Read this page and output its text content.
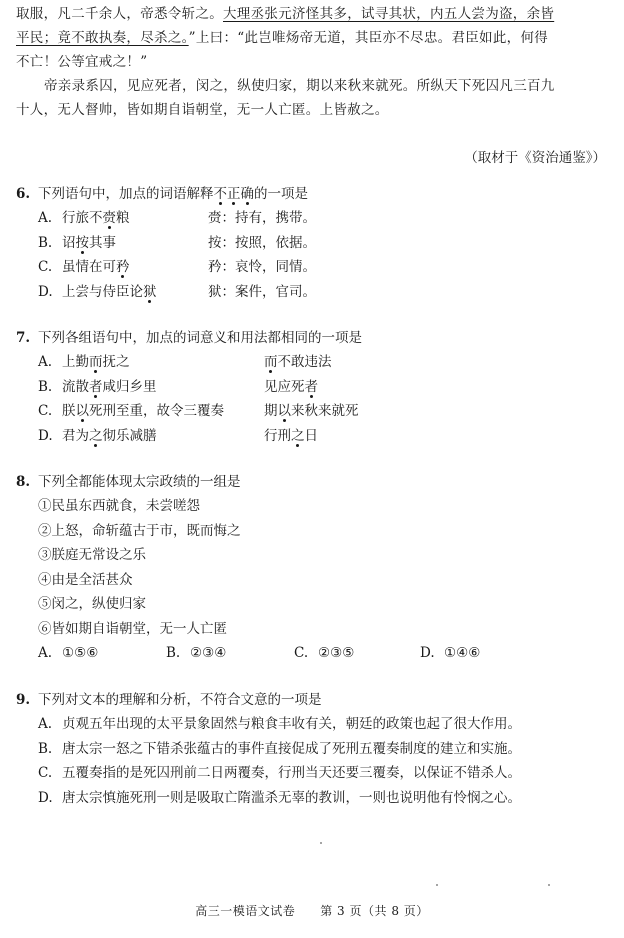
取服，凡二千余人，帝悉令斩之。大理丞张元济怪其多，试寻其状，内五人尝为盗，余皆
平民；竟不敢执奏，尽杀之。”上曰：“此岂唯炀帝无道，其臣亦不尽忠。君臣如此，何得
不亡！公等宜戒之！”
帝亲录系囚，见应死者，闵之，纵使归家，期以来秋来就死。所纵天下死囚凡三百九
十人，无人督帅，皆如期自诣朝堂，无一人亡匿。上皆赦之。
（取材于《资治通鉴》）
6. 下列语句中，加点的词语解释不正确的一项是
A. 行旅不赍粮	赍：持有，携带。
B. 诏按其事	按：按照，依据。
C. 虽情在可矜	矜：哀怜，同情。
D. 上尝与侍臣论狱	狱：案件，官司。
7. 下列各组语句中，加点的词意义和用法都相同的一项是
A. 上勤而抚之	而不敢违法
B. 流散者咸归乡里	见应死者
C. 朕以死刑至重，故令三覆奏	期以来秋来就死
D. 君为之彻乐减膳	行刑之日
8. 下列全都能体现太宗政绩的一组是
①民虽东西就食，未尝嗟怨
②上怒，命斩蕴古于市，既而悔之
③朕庭无常设之乐
④由是全活甚众
⑤闵之，纵使归家
⑥皆如期自诣朝堂，无一人亡匿
A. ①⑤⑥	B. ②③④	C. ②③⑤	D. ①④⑥
9. 下列对文本的理解和分析，不符合文意的一项是
A. 贞观五年出现的太平景象固然与粮食丰收有关，朝廷的政策也起了很大作用。
B. 唐太宗一怒之下错杀张蕴古的事件直接促成了死刑五覆奏制度的建立和实施。
C. 五覆奏指的是死囚刑前二日两覆奏，行刑当天还要三覆奏，以保证不错杀人。
D. 唐太宗慎施死刑一则是吸取亡隋滥杀无辜的教训，一则也说明他有怜悯之心。
高三一模语文试卷　　第 3 页（共 8 页）
